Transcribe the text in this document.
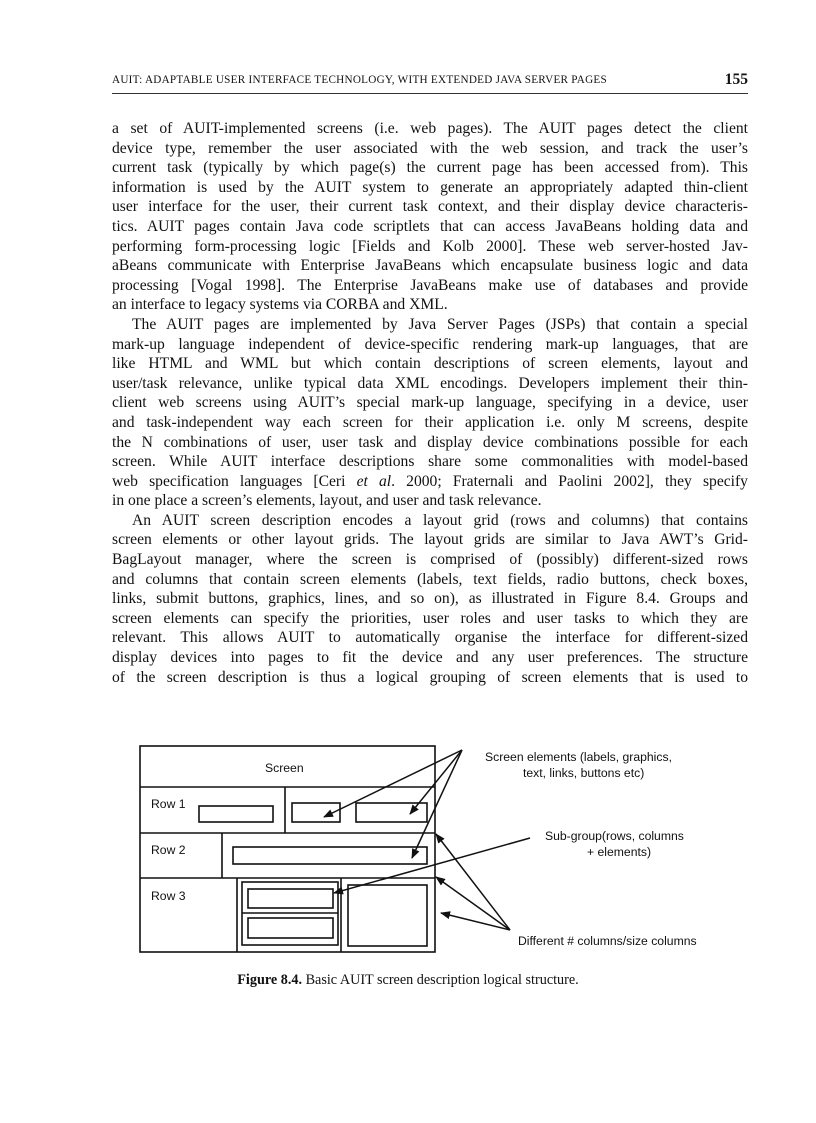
AUIT: ADAPTABLE USER INTERFACE TECHNOLOGY, WITH EXTENDED JAVA SERVER PAGES	155
a set of AUIT-implemented screens (i.e. web pages). The AUIT pages detect the client
device type, remember the user associated with the web session, and track the user’s
current task (typically by which page(s) the current page has been accessed from). This
information is used by the AUIT system to generate an appropriately adapted thin-client
user interface for the user, their current task context, and their display device characteris-
tics. AUIT pages contain Java code scriptlets that can access JavaBeans holding data and
performing form-processing logic [Fields and Kolb 2000]. These web server-hosted Jav-
aBeans communicate with Enterprise JavaBeans which encapsulate business logic and data
processing [Vogal 1998]. The Enterprise JavaBeans make use of databases and provide
an interface to legacy systems via CORBA and XML.
The AUIT pages are implemented by Java Server Pages (JSPs) that contain a special
mark-up language independent of device-specific rendering mark-up languages, that are
like HTML and WML but which contain descriptions of screen elements, layout and
user/task relevance, unlike typical data XML encodings. Developers implement their thin-
client web screens using AUIT’s special mark-up language, specifying in a device, user
and task-independent way each screen for their application i.e. only M screens, despite
the N combinations of user, user task and display device combinations possible for each
screen. While AUIT interface descriptions share some commonalities with model-based
web specification languages [Ceri et al. 2000; Fraternali and Paolini 2002], they specify
in one place a screen’s elements, layout, and user and task relevance.
An AUIT screen description encodes a layout grid (rows and columns) that contains
screen elements or other layout grids. The layout grids are similar to Java AWT’s Grid-
BagLayout manager, where the screen is comprised of (possibly) different-sized rows
and columns that contain screen elements (labels, text fields, radio buttons, check boxes,
links, submit buttons, graphics, lines, and so on), as illustrated in Figure 8.4. Groups and
screen elements can specify the priorities, user roles and user tasks to which they are
relevant. This allows AUIT to automatically organise the interface for different-sized
display devices into pages to fit the device and any user preferences. The structure
of the screen description is thus a logical grouping of screen elements that is used to
Screen
Row 1
Row 2
Row 3
Screen elements (labels, graphics,
text, links, buttons etc)
Sub-group(rows, columns
+ elements)
Different # columns/size columns
Figure 8.4. Basic AUIT screen description logical structure.
